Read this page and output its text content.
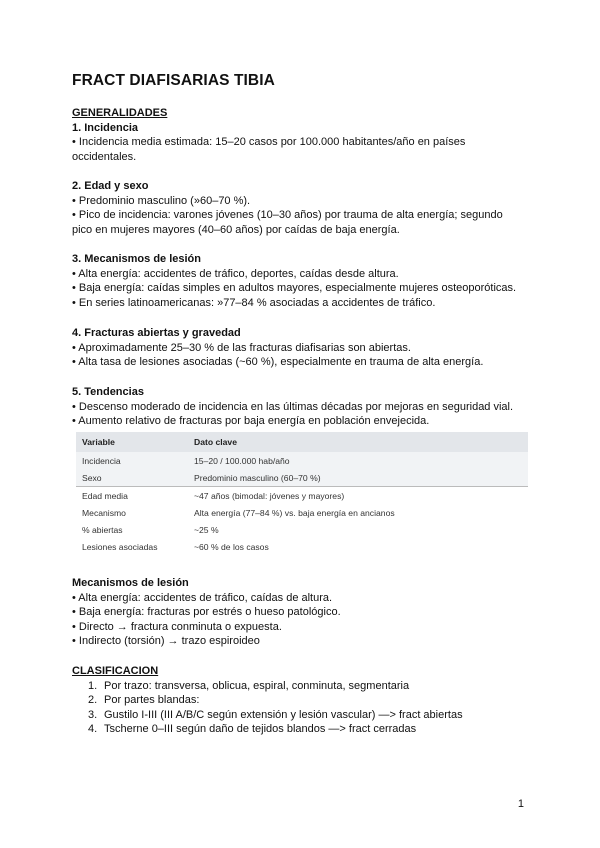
FRACT DIAFISARIAS TIBIA
GENERALIDADES
1. Incidencia
• Incidencia media estimada: 15–20 casos por 100.000 habitantes/año en países
occidentales.
2. Edad y sexo
• Predominio masculino (»60–70 %).
• Pico de incidencia: varones jóvenes (10–30 años) por trauma de alta energía; segundo
pico en mujeres mayores (40–60 años) por caídas de baja energía.
3. Mecanismos de lesión
• Alta energía: accidentes de tráfico, deportes, caídas desde altura.
• Baja energía: caídas simples en adultos mayores, especialmente mujeres osteoporóticas.
• En series latinoamericanas: »77–84 % asociadas a accidentes de tráfico.
4. Fracturas abiertas y gravedad
• Aproximadamente 25–30 % de las fracturas diafisarias son abiertas.
• Alta tasa de lesiones asociadas (~60 %), especialmente en trauma de alta energía.
5. Tendencias
• Descenso moderado de incidencia en las últimas décadas por mejoras en seguridad vial.
• Aumento relativo de fracturas por baja energía en población envejecida.
Variable	Dato clave
Incidencia	15–20 / 100.000 hab/año
Sexo	Predominio masculino (60–70 %)
Edad media	~47 años (bimodal: jóvenes y mayores)
Mecanismo	Alta energía (77–84 %) vs. baja energía en ancianos
% abiertas	~25 %
Lesiones asociadas	~60 % de los casos
Mecanismos de lesión
• Alta energía: accidentes de tráfico, caídas de altura.
• Baja energía: fracturas por estrés o hueso patológico.
• Directo → fractura conminuta o expuesta.
• Indirecto (torsión) → trazo espiroideo
CLASIFICACION
1. Por trazo: transversa, oblicua, espiral, conminuta, segmentaria
2. Por partes blandas:
3. Gustilo I-III (III A/B/C según extensión y lesión vascular) —> fract abiertas
4. Tscherne 0–III según daño de tejidos blandos —> fract cerradas
1
